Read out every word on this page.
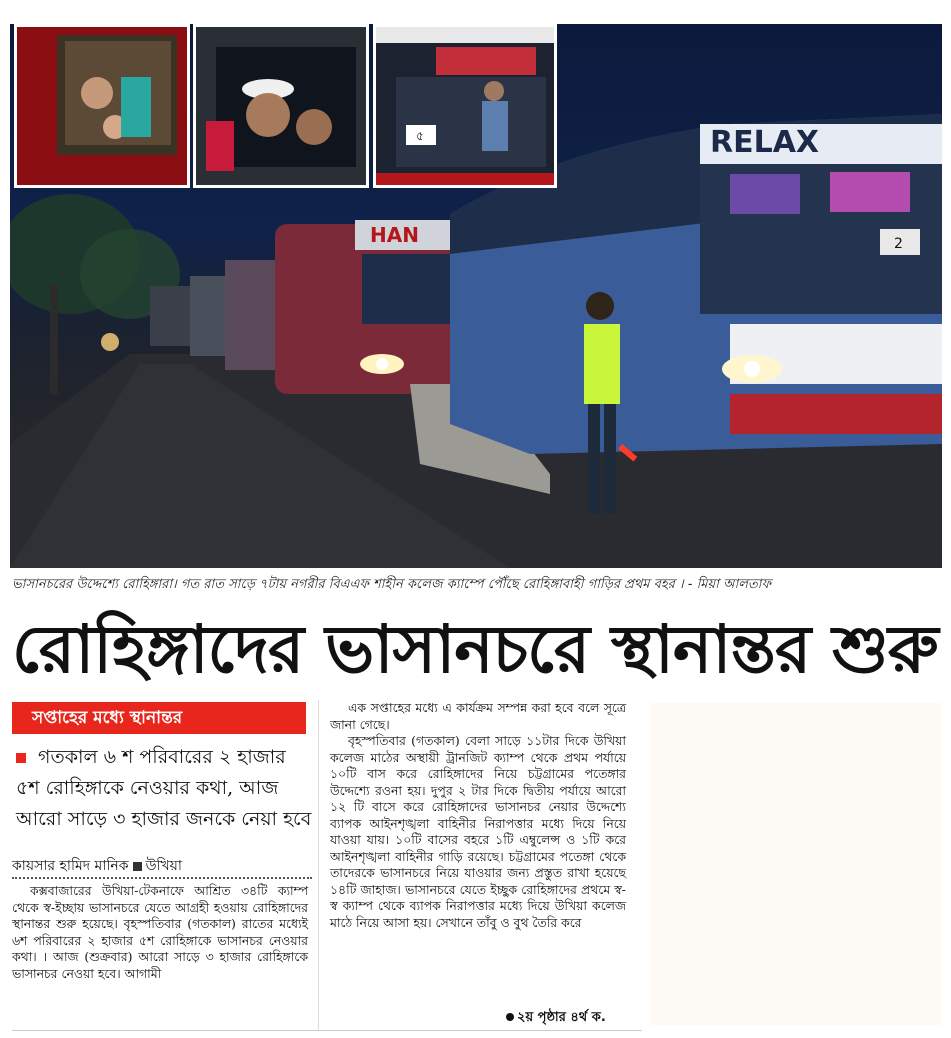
HAN
RELAX
2
৫
ভাসানচরের উদ্দেশ্যে রোহিঙ্গারা। গত রাত সাড়ে ৭টায় নগরীর বিএএফ শাহীন কলেজ ক্যাম্পে পৌঁছে রোহিঙ্গাবাহী গাড়ির প্রথম বহর । - মিয়া আলতাফ
রোহিঙ্গাদের ভাসানচরে স্থানান্তর শুরু
সপ্তাহের মধ্যে স্থানান্তর
গতকাল ৬ শ পরিবারের ২ হাজার ৫শ রোহিঙ্গাকে নেওয়ার কথা, আজ আরো সাড়ে ৩ হাজার জনকে নেয়া হবে
কায়সার হামিদ মানিক উখিয়া
কক্সবাজারের উখিয়া-টেকনাফে আশ্রিত ৩৪টি ক্যাম্প থেকে স্ব-ইচ্ছায় ভাসানচরে যেতে আগ্রহী হওয়ায় রোহিঙ্গাদের স্থানান্তর শুরু হয়েছে। বৃহস্পতিবার (গতকাল) রাতের মধ্যেই ৬শ পরিবারের ২ হাজার ৫শ রোহিঙ্গাকে ভাসানচর নেওয়ার কথা। । আজ (শুক্রবার) আরো সাড়ে ৩ হাজার রোহিঙ্গাকে ভাসানচর নেওয়া হবে। আগামী

এক সপ্তাহের মধ্যে এ কার্যক্রম সম্পন্ন করা হবে বলে সূত্রে জানা গেছে।

বৃহস্পতিবার (গতকাল) বেলা সাড়ে ১১টার দিকে উখিয়া কলেজ মাঠের অস্থায়ী ট্রানজিট ক্যাম্প থেকে প্রথম পর্যায়ে ১০টি বাস করে রোহিঙ্গাদের নিয়ে চট্টগ্রামের পতেঙ্গার উদ্দেশ্যে রওনা হয়। দুপুর ২ টার দিকে দ্বিতীয় পর্যায়ে আরো ১২ টি বাসে করে রোহিঙ্গাদের ভাসানচর নেয়ার উদ্দেশ্যে ব্যাপক আইনশৃঙ্খলা বাহিনীর নিরাপত্তার মধ্যে দিয়ে নিয়ে যাওয়া যায়। ১০টি বাসের বহরে ১টি এম্বুলেন্স ও ১টি করে আইনশৃঙ্খলা বাহিনীর গাড়ি রয়েছে। চট্টগ্রামের পতেঙ্গা থেকে তাদেরকে ভাসানচরে নিয়ে যাওয়ার জন্য প্রস্তুত রাখা হয়েছে ১৪টি জাহাজ। ভাসানচরে যেতে ইচ্ছুক রোহিঙ্গাদের প্রথমে স্ব-স্ব ক্যাম্প থেকে ব্যাপক নিরাপত্তার মধ্যে দিয়ে উখিয়া কলেজ মাঠে নিয়ে আসা হয়। সেখানে তাঁবু ও বুথ তৈরি করে

২য় পৃষ্ঠার ৪র্থ ক.
